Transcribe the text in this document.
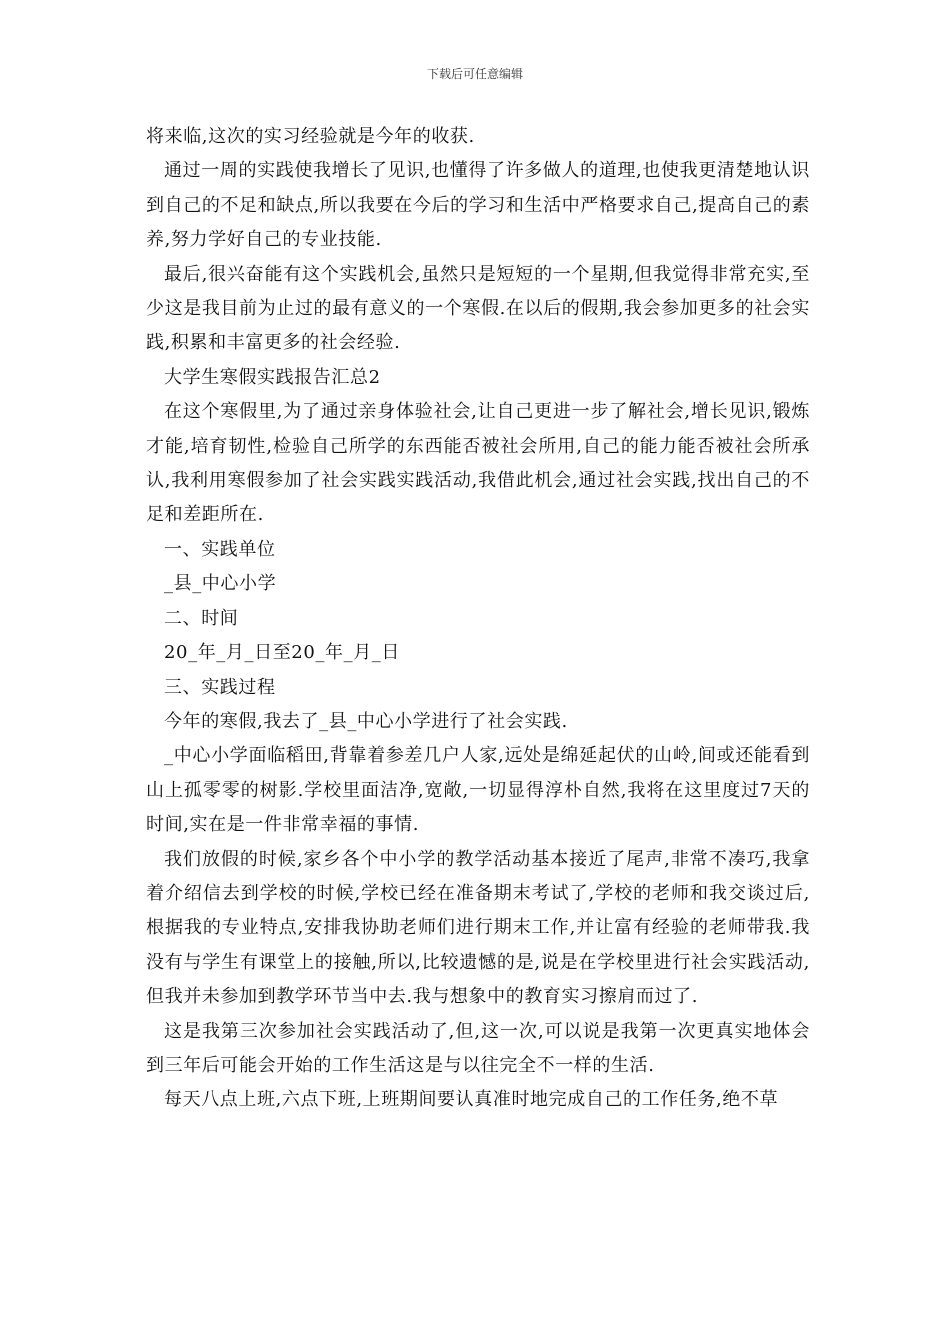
下载后可任意编辑

将来临,这次的实习经验就是今年的收获.

通过一周的实践使我增长了见识,也懂得了许多做人的道理,也使我更清楚地认识到自己的不足和缺点,所以我要在今后的学习和生活中严格要求自己,提高自己的素养,努力学好自己的专业技能.

最后,很兴奋能有这个实践机会,虽然只是短短的一个星期,但我觉得非常充实,至少这是我目前为止过的最有意义的一个寒假.在以后的假期,我会参加更多的社会实践,积累和丰富更多的社会经验.

大学生寒假实践报告汇总2

在这个寒假里,为了通过亲身体验社会,让自己更进一步了解社会,增长见识,锻炼才能,培育韧性,检验自己所学的东西能否被社会所用,自己的能力能否被社会所承认,我利用寒假参加了社会实践实践活动,我借此机会,通过社会实践,找出自己的不足和差距所在.

一、实践单位

_县_中心小学

二、时间

20_年_月_日至20_年_月_日

三、实践过程

今年的寒假,我去了_县_中心小学进行了社会实践.

_中心小学面临稻田,背靠着参差几户人家,远处是绵延起伏的山岭,间或还能看到山上孤零零的树影.学校里面洁净,宽敞,一切显得淳朴自然,我将在这里度过7天的时间,实在是一件非常幸福的事情.

我们放假的时候,家乡各个中小学的教学活动基本接近了尾声,非常不凑巧,我拿着介绍信去到学校的时候,学校已经在准备期末考试了,学校的老师和我交谈过后,根据我的专业特点,安排我协助老师们进行期末工作,并让富有经验的老师带我.我没有与学生有课堂上的接触,所以,比较遗憾的是,说是在学校里进行社会实践活动,但我并未参加到教学环节当中去.我与想象中的教育实习擦肩而过了.

这是我第三次参加社会实践活动了,但,这一次,可以说是我第一次更真实地体会到三年后可能会开始的工作生活这是与以往完全不一样的生活.

每天八点上班,六点下班,上班期间要认真准时地完成自己的工作任务,绝不草
